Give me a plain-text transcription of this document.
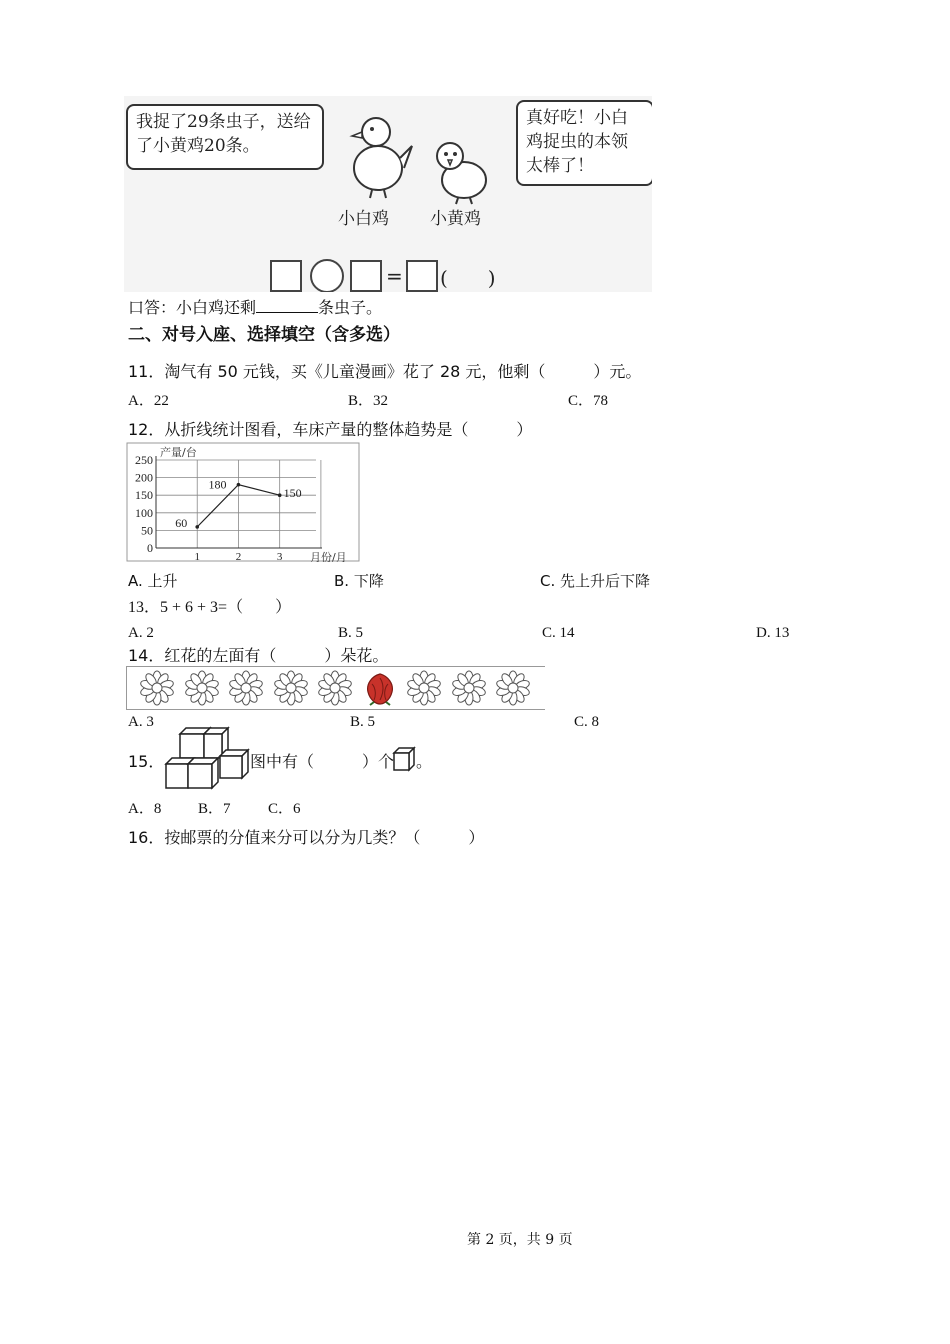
我捉了29条虫子，送给了小黄鸡20条。
真好吃！小白鸡捉虫的本领太棒了！
小白鸡 小黄鸡
= (　　)
口答：小白鸡还剩	条虫子。
二、对号入座、选择填空（含多选）
11．淘气有 50 元钱，买《儿童漫画》花了 28 元，他剩（　　　）元。
A．22	B．32	C．78
12．从折线统计图看，车床产量的整体趋势是（　　　）
0
50
100
150
200
250
1	2	3
产量/台
月份/月
60
180
150
A. 上升	B. 下降	C. 先上升后下降
13．5 + 6 + 3=（　　）
A. 2	B. 5	C. 14	D. 13
14．红花的左面有（　　　）朵花。
A. 3	B. 5	C. 8
15．	图中有（　　　）个 。
A．8 B．7 C．6
16．按邮票的分值来分可以分为几类？（　　　）
第 2 页，共 9 页
